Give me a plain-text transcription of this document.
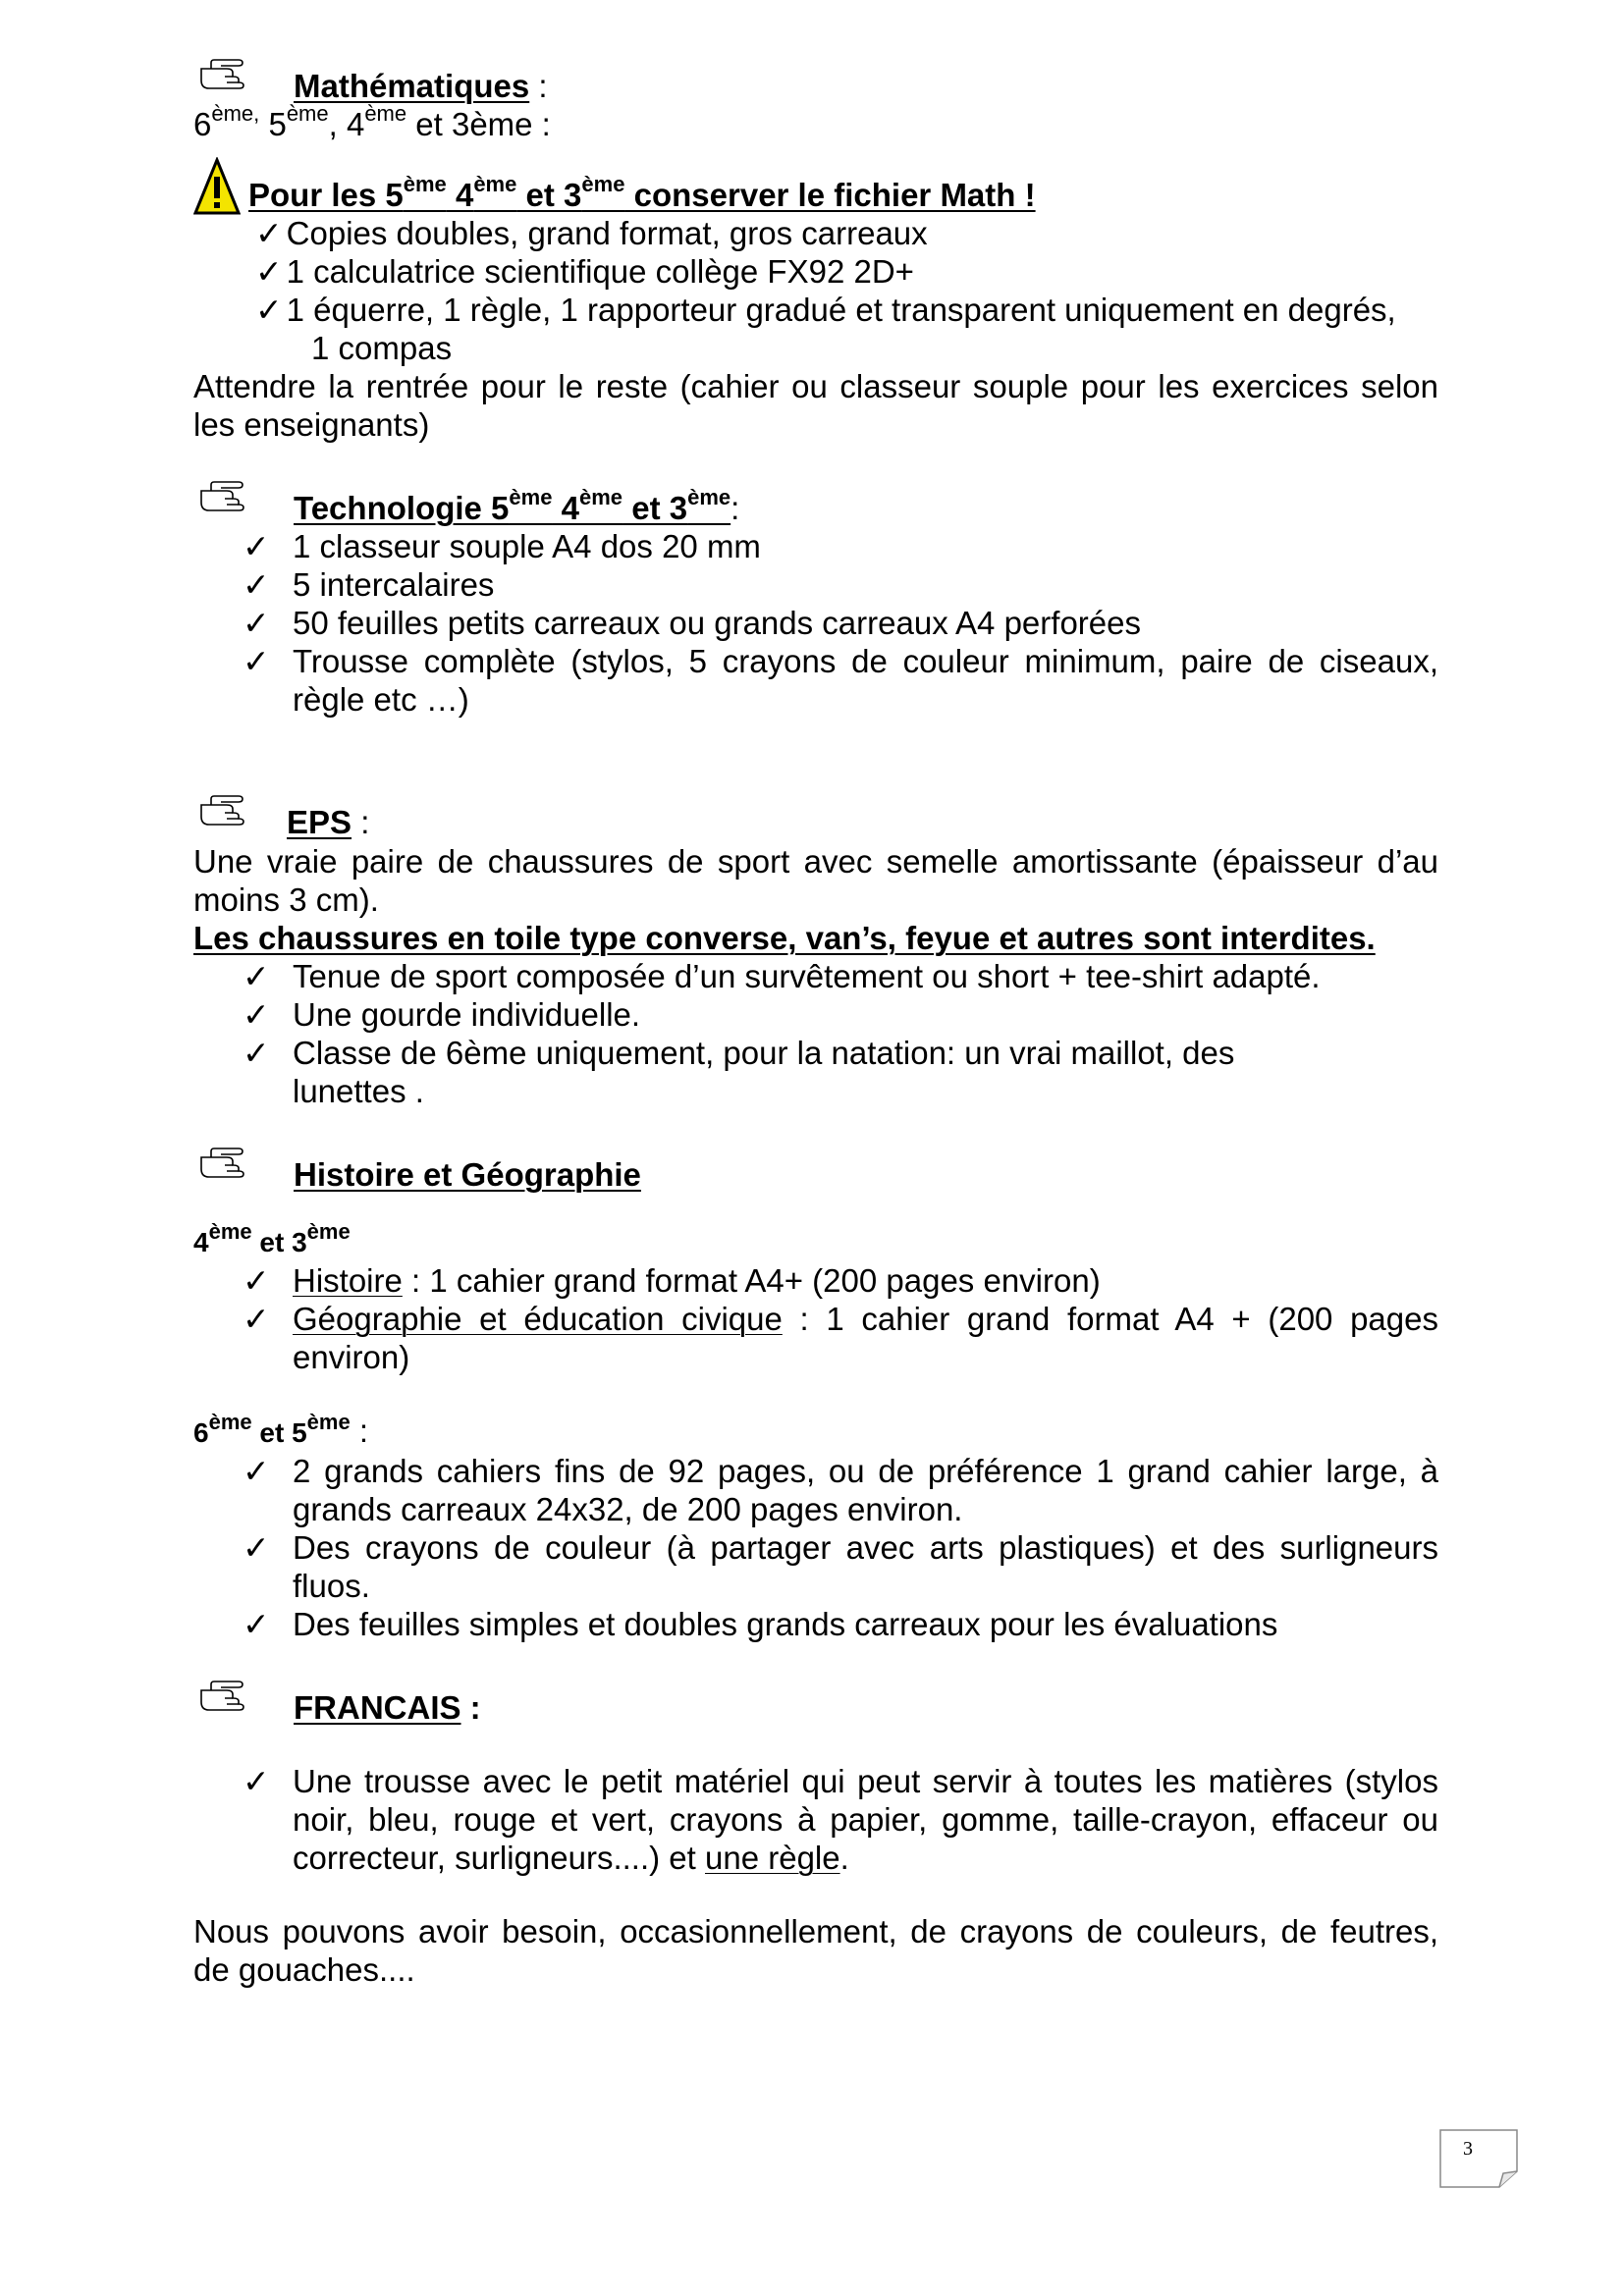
Mathématiques :
$6^{ème,}$ 5ème, 4ème et 3ème :
Pour les 5ème 4ème et 3ème conserver le fichier Math !
✓ Copies doubles, grand format, gros carreaux
✓ 1 calculatrice scientifique collège FX92 2D+
✓ 1 équerre, 1 règle, 1 rapporteur gradué et transparent uniquement en degrés,
1 compas
Attendre la rentrée pour le reste (cahier ou classeur souple pour les exercices selon les enseignants)
Technologie 5ème 4ème et 3ème:
✓ 1 classeur souple A4 dos 20 mm
✓ 5 intercalaires
✓ 50 feuilles petits carreaux ou grands carreaux A4 perforées
✓ Trousse complète (stylos, 5 crayons de couleur minimum, paire de ciseaux, règle etc …)
EPS :
Une vraie paire de chaussures de sport avec semelle amortissante (épaisseur d’au moins 3 cm).
Les chaussures en toile type converse, van’s, feyue et autres sont interdites.
✓ Tenue de sport composée d’un survêtement ou short + tee-shirt adapté.
✓ Une gourde individuelle.
✓ Classe de 6ème uniquement, pour la natation: un vrai maillot, des
lunettes .
Histoire et Géographie
4ème et 3ème
✓ Histoire : 1 cahier grand format A4+ (200 pages environ)
✓ Géographie et éducation civique : 1 cahier grand format A4 + (200 pages environ)
6ème et 5ème :
✓ 2 grands cahiers fins de 92 pages, ou de préférence 1 grand cahier large, à grands carreaux 24x32, de 200 pages environ.
✓ Des crayons de couleur (à partager avec arts plastiques) et des surligneurs fluos.
✓ Des feuilles simples et doubles grands carreaux pour les évaluations
FRANCAIS :
✓ Une trousse avec le petit matériel qui peut servir à toutes les matières (stylos noir, bleu, rouge et vert, crayons à papier, gomme, taille-crayon, effaceur ou correcteur, surligneurs....) et une règle.
Nous pouvons avoir besoin, occasionnellement, de crayons de couleurs, de feutres, de gouaches....
3
